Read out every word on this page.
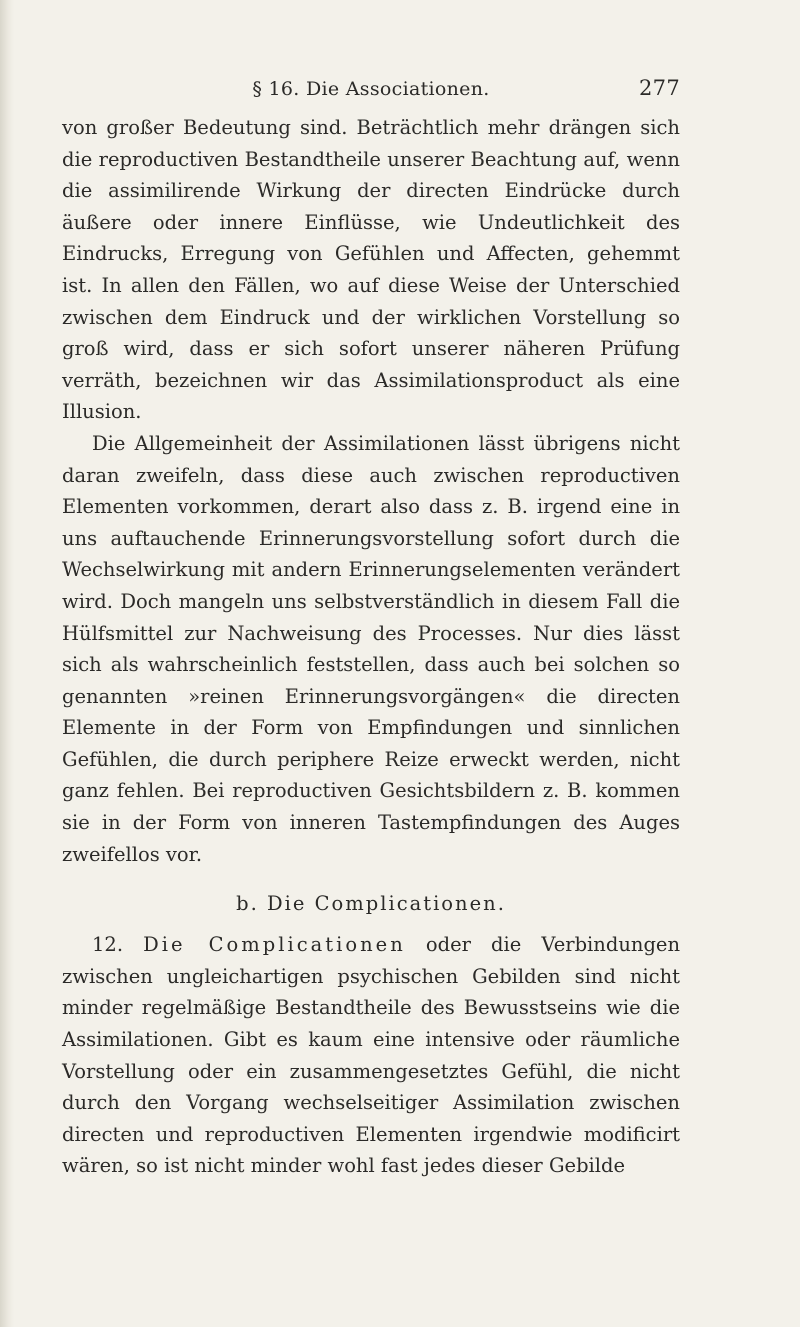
§ 16. Die Associationen.	277

von großer Bedeutung sind. Beträchtlich mehr drängen sich die reproductiven Bestandtheile unserer Beachtung auf, wenn die assimilirende Wirkung der directen Eindrücke durch äußere oder innere Einflüsse, wie Undeutlichkeit des Eindrucks, Erregung von Gefühlen und Affecten, gehemmt ist. In allen den Fällen, wo auf diese Weise der Unterschied zwischen dem Eindruck und der wirklichen Vorstellung so groß wird, dass er sich sofort unserer näheren Prüfung verräth, bezeichnen wir das Assimilationsproduct als eine Illusion.

Die Allgemeinheit der Assimilationen lässt übrigens nicht daran zweifeln, dass diese auch zwischen reproductiven Elementen vorkommen, derart also dass z. B. irgend eine in uns auftauchende Erinnerungsvorstellung sofort durch die Wechselwirkung mit andern Erinnerungselementen verändert wird. Doch mangeln uns selbstverständlich in diesem Fall die Hülfsmittel zur Nachweisung des Processes. Nur dies lässt sich als wahrscheinlich feststellen, dass auch bei solchen so genannten »reinen Erinnerungsvorgängen« die directen Elemente in der Form von Empfindungen und sinnlichen Gefühlen, die durch periphere Reize erweckt werden, nicht ganz fehlen. Bei reproductiven Gesichtsbildern z. B. kommen sie in der Form von inneren Tastempfindungen des Auges zweifellos vor.

b. Die Complicationen.

12. Die Complicationen oder die Verbindungen zwischen ungleichartigen psychischen Gebilden sind nicht minder regelmäßige Bestandtheile des Bewusstseins wie die Assimilationen. Gibt es kaum eine intensive oder räumliche Vorstellung oder ein zusammengesetztes Gefühl, die nicht durch den Vorgang wechselseitiger Assimilation zwischen directen und reproductiven Elementen irgendwie modificirt wären, so ist nicht minder wohl fast jedes dieser Gebilde
